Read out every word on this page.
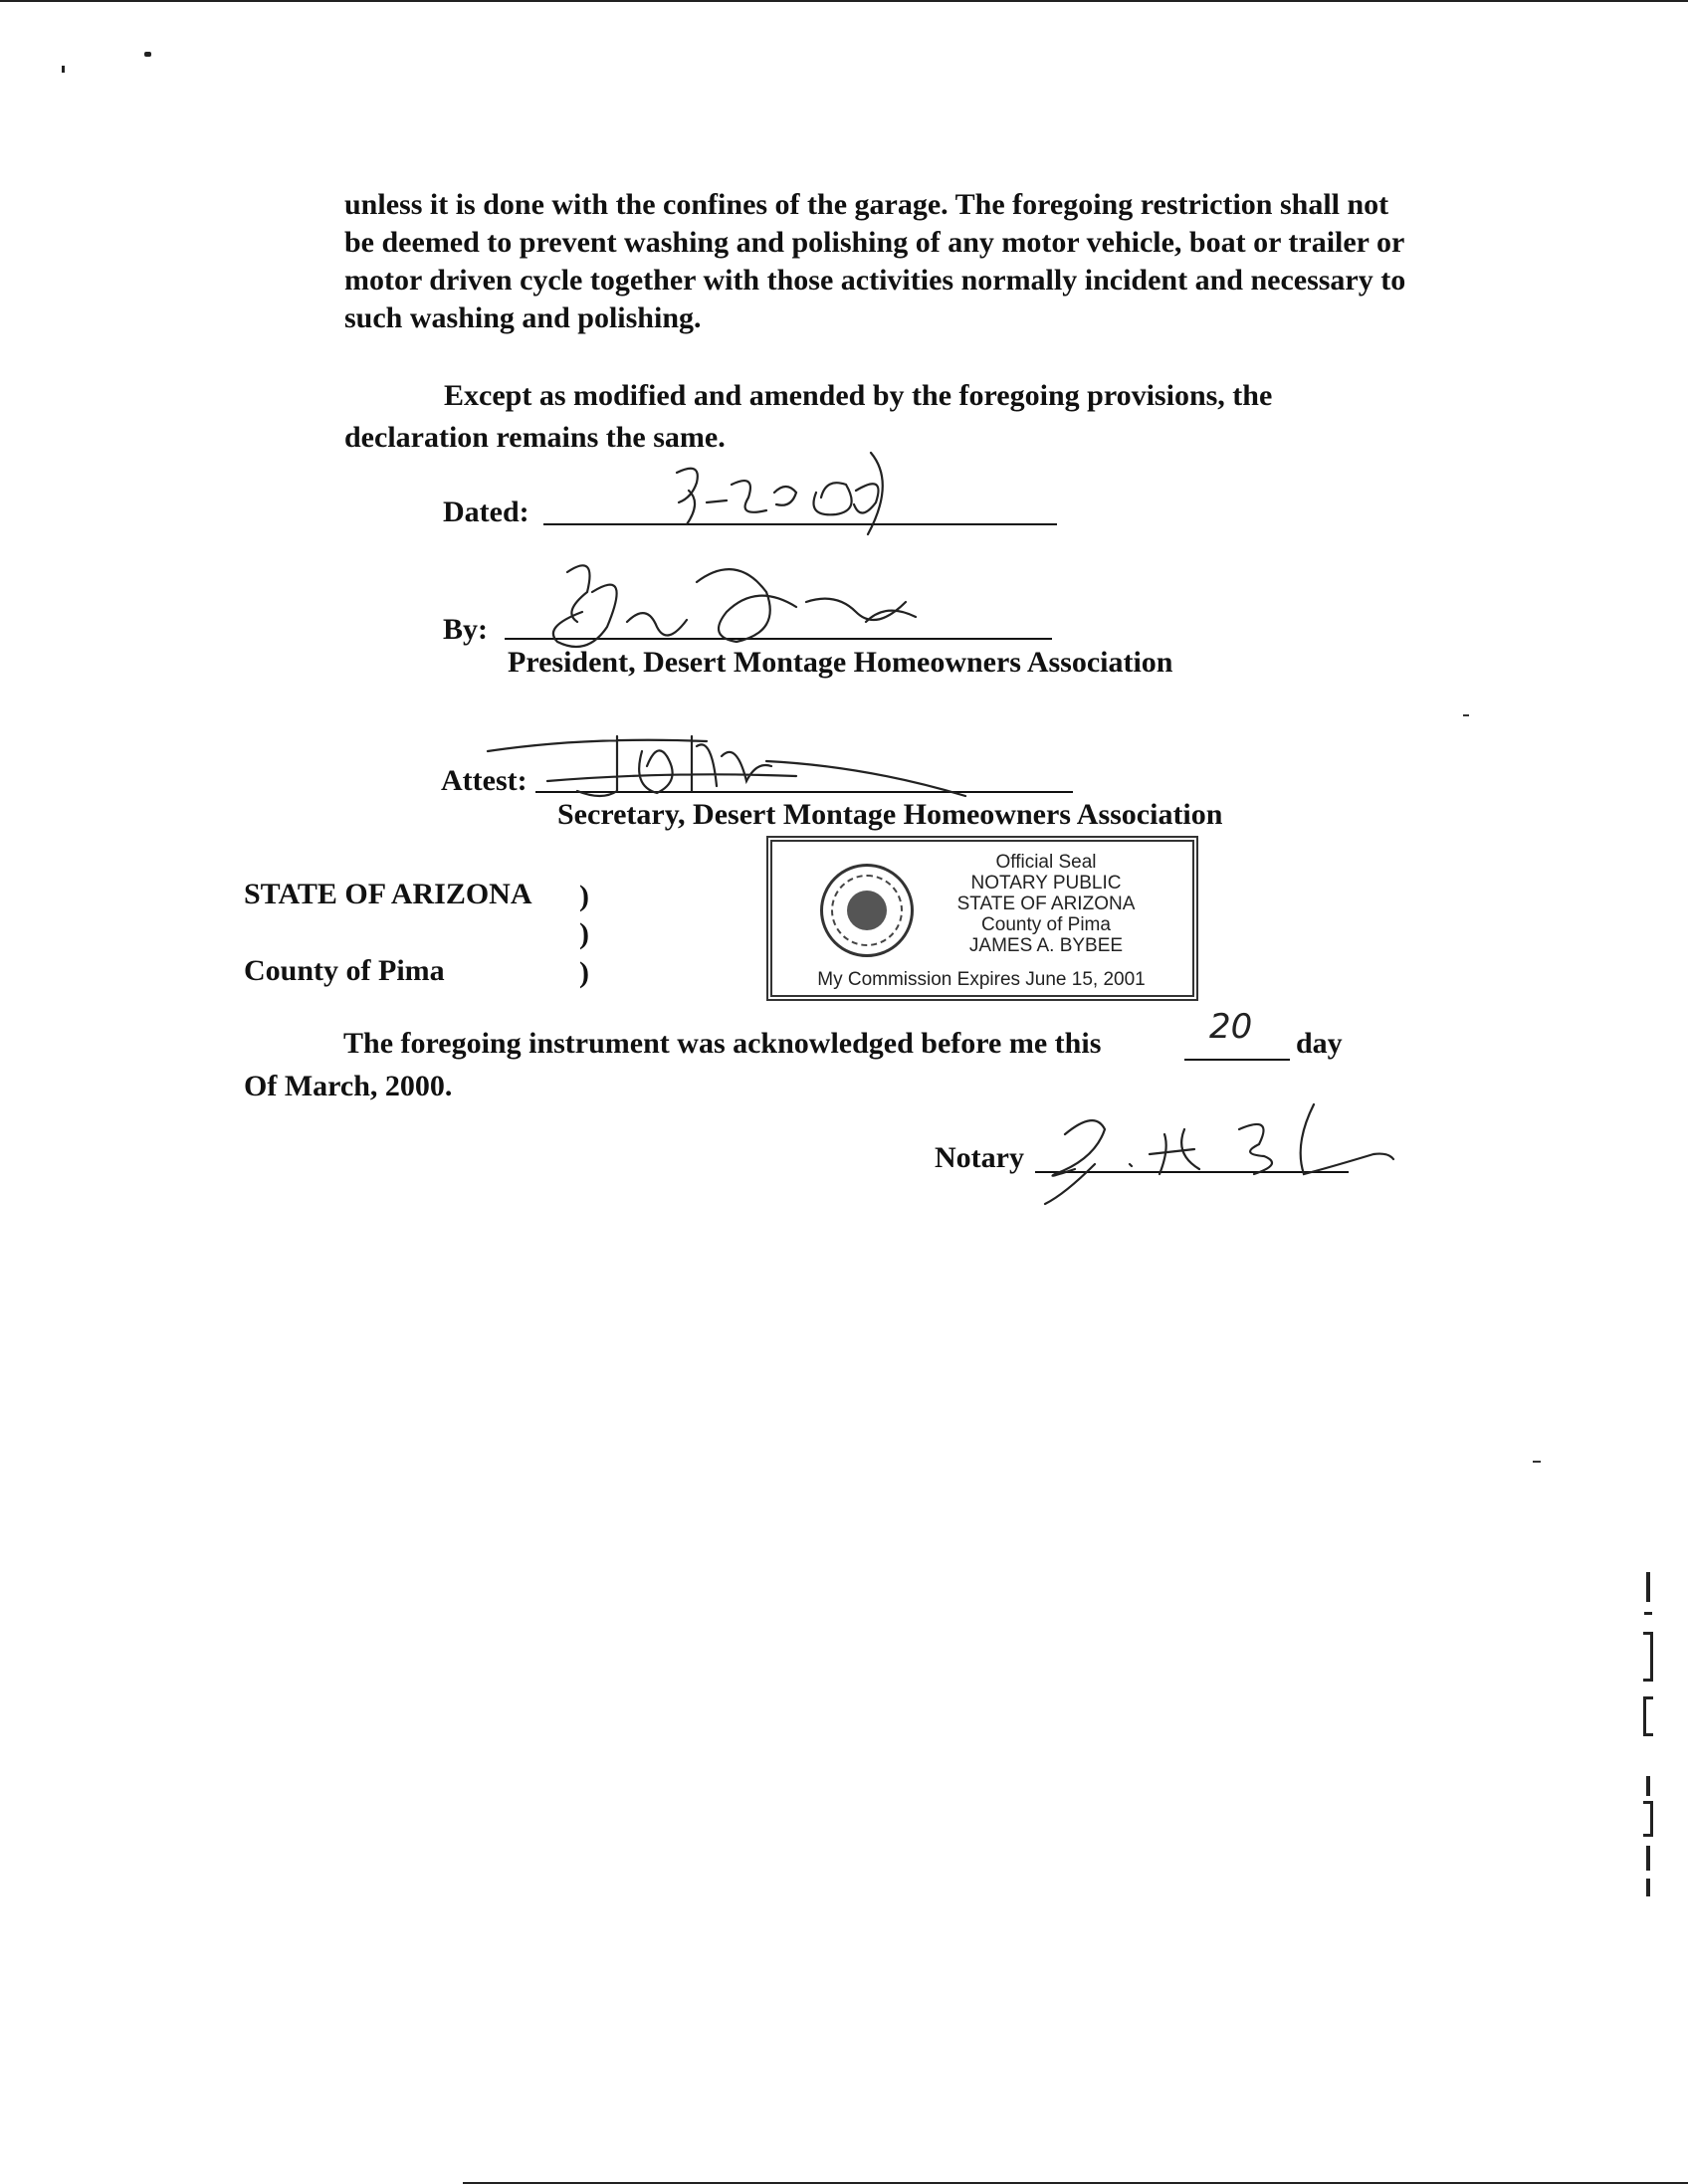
unless it is done with the confines of the garage. The foregoing restriction shall not be deemed to prevent washing and polishing of any motor vehicle, boat or trailer or motor driven cycle together with those activities normally incident and necessary to such washing and polishing.
Except as modified and amended by the foregoing provisions, the
declaration remains the same.
Dated:
By:
President, Desert Montage Homeowners Association
Attest:
Secretary, Desert Montage Homeowners Association
STATE OF ARIZONA )
)
County of Pima	)
Official Seal
NOTARY PUBLIC
STATE OF ARIZONA
County of Pima
JAMES A. BYBEE
My Commission Expires June 15, 2001
The foregoing instrument was acknowledged before me this	20 day
Of March, 2000.
Notary
